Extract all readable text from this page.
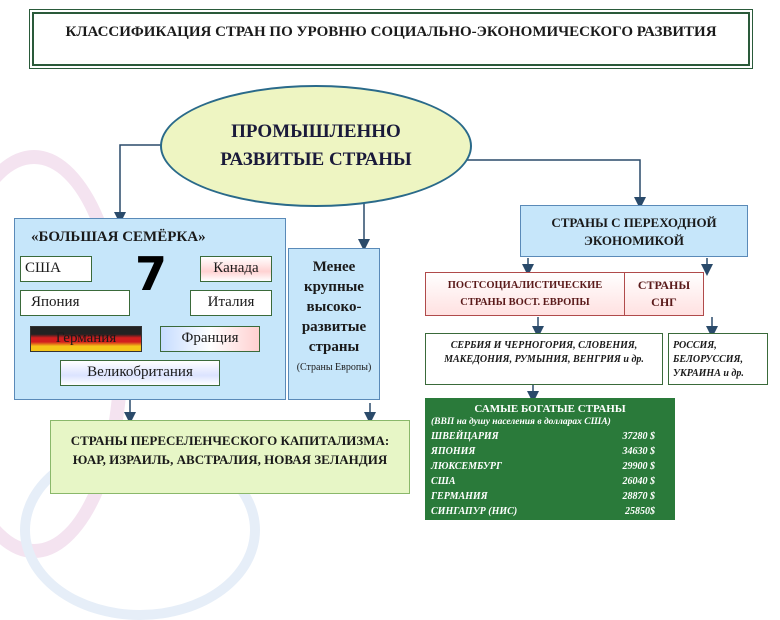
КЛАССИФИКАЦИЯ СТРАН ПО УРОВНЮ СОЦИАЛЬНО-ЭКОНОМИЧЕСКОГО РАЗВИТИЯ
ПРОМЫШЛЕННО РАЗВИТЫЕ СТРАНЫ
«БОЛЬШАЯ СЕМЁРКА»
7
США	Канада
Япония	Италия
Германия	Франция
Великобритания
Менее крупные высоко-развитые страны
(Страны Европы)
СТРАНЫ ПЕРЕСЕЛЕНЧЕСКОГО КАПИТАЛИЗМА: ЮАР, ИЗРАИЛЬ, АВСТРАЛИЯ, НОВАЯ ЗЕЛАНДИЯ
СТРАНЫ С ПЕРЕХОДНОЙ ЭКОНОМИКОЙ
ПОСТСОЦИАЛИСТИЧЕСКИЕ СТРАНЫ ВОСТ. ЕВРОПЫ
СТРАНЫ СНГ
СЕРБИЯ И ЧЕРНОГОРИЯ, СЛОВЕНИЯ, МАКЕДОНИЯ, РУМЫНИЯ, ВЕНГРИЯ и др.
РОССИЯ, БЕЛОРУССИЯ, УКРАИНА и др.
САМЫЕ БОГАТЫЕ СТРАНЫ
(ВВП на душу населения в долларах США)
ШВЕЙЦАРИЯ	37280 $
ЯПОНИЯ	34630 $
ЛЮКСЕМБУРГ	29900 $
США	26040 $
ГЕРМАНИЯ	28870 $
СИНГАПУР (НИС)	25850$
